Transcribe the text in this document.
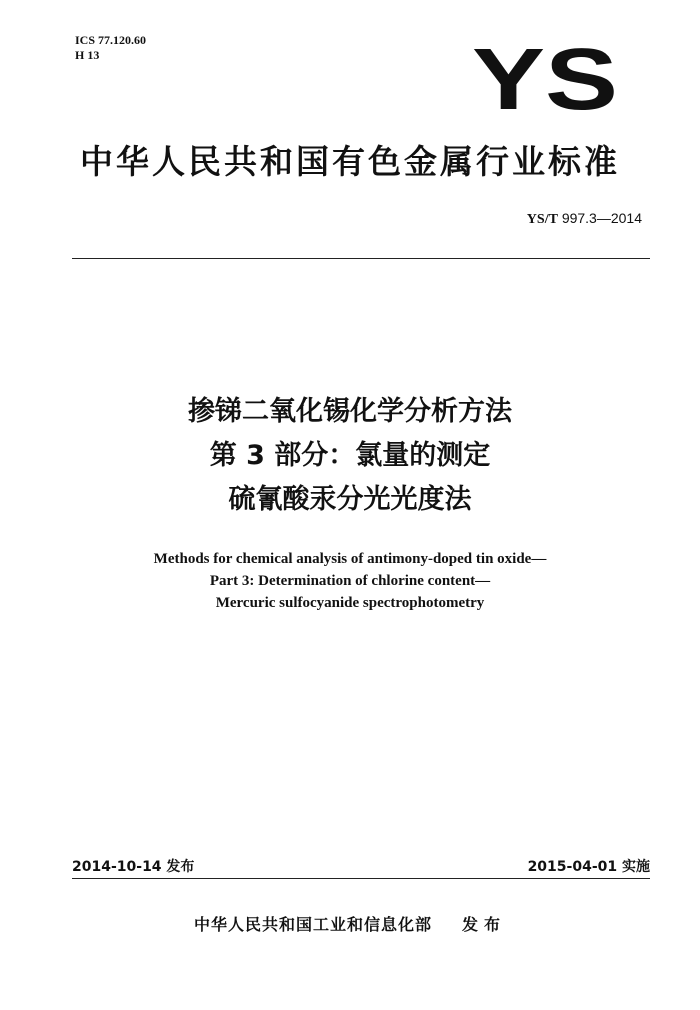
ICS 77.120.60
H 13	YS
中华人民共和国有色金属行业标准
YS/T 997.3—2014
掺锑二氧化锡化学分析方法
第 3 部分：氯量的测定
硫氰酸汞分光光度法
Methods for chemical analysis of antimony-doped tin oxide—
Part 3: Determination of chlorine content—
Mercuric sulfocyanide spectrophotometry
2014-10-14 发布	2015-04-01 实施
中华人民共和国工业和信息化部 发布
